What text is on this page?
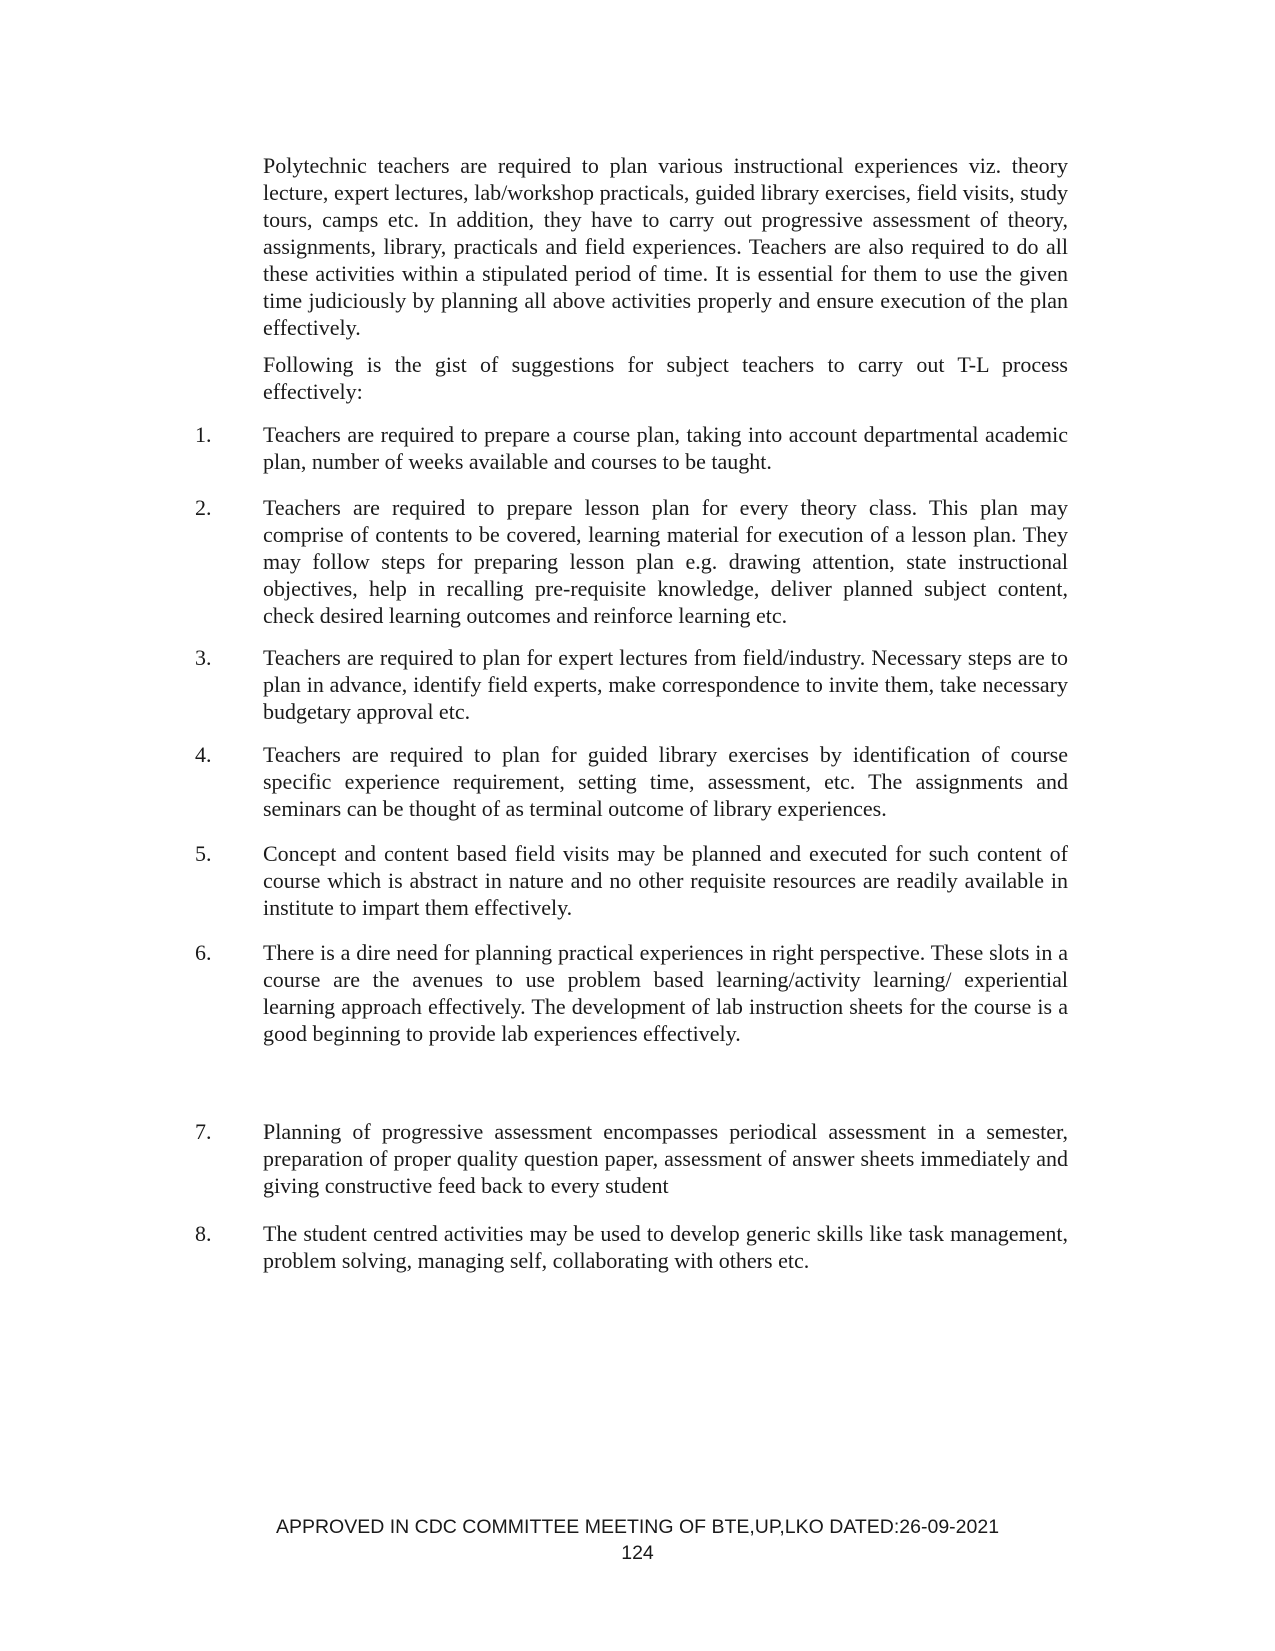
Polytechnic teachers are required to plan various instructional experiences viz. theory lecture, expert lectures, lab/workshop practicals, guided library exercises, field visits, study tours, camps etc. In addition, they have to carry out progressive assessment of theory, assignments, library, practicals and field experiences. Teachers are also required to do all these activities within a stipulated period of time. It is essential for them to use the given time judiciously by planning all above activities properly and ensure execution of the plan effectively.

Following is the gist of suggestions for subject teachers to carry out T-L process effectively:

1. Teachers are required to prepare a course plan, taking into account departmental academic plan, number of weeks available and courses to be taught.

2. Teachers are required to prepare lesson plan for every theory class. This plan may comprise of contents to be covered, learning material for execution of a lesson plan. They may follow steps for preparing lesson plan e.g. drawing attention, state instructional objectives, help in recalling pre-requisite knowledge, deliver planned subject content, check desired learning outcomes and reinforce learning etc.

3. Teachers are required to plan for expert lectures from field/industry. Necessary steps are to plan in advance, identify field experts, make correspondence to invite them, take necessary budgetary approval etc.

4. Teachers are required to plan for guided library exercises by identification of course specific experience requirement, setting time, assessment, etc. The assignments and seminars can be thought of as terminal outcome of library experiences.

5. Concept and content based field visits may be planned and executed for such content of course which is abstract in nature and no other requisite resources are readily available in institute to impart them effectively.

6. There is a dire need for planning practical experiences in right perspective. These slots in a course are the avenues to use problem based learning/activity learning/ experiential learning approach effectively. The development of lab instruction sheets for the course is a good beginning to provide lab experiences effectively.

7. Planning of progressive assessment encompasses periodical assessment in a semester, preparation of proper quality question paper, assessment of answer sheets immediately and giving constructive feed back to every student

8. The student centred activities may be used to develop generic skills like task management, problem solving, managing self, collaborating with others etc.

APPROVED IN CDC COMMITTEE MEETING OF BTE,UP,LKO DATED:26-09-2021
124
